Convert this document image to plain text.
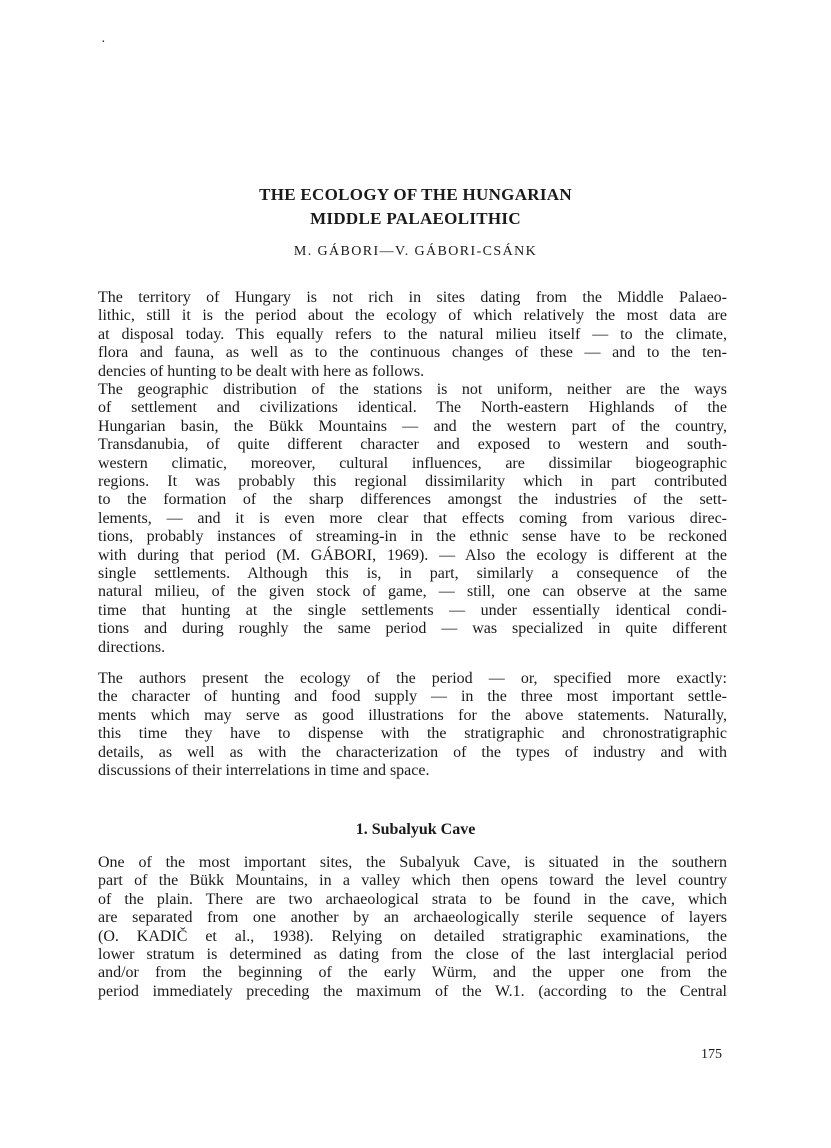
·
THE ECOLOGY OF THE HUNGARIAN
MIDDLE PALAEOLITHIC
M. GÁBORI—V. GÁBORI-CSÁNK
The territory of Hungary is not rich in sites dating from the Middle Palaeo-
lithic, still it is the period about the ecology of which relatively the most data are
at disposal today. This equally refers to the natural milieu itself — to the climate,
flora and fauna, as well as to the continuous changes of these — and to the ten-
dencies of hunting to be dealt with here as follows.
The geographic distribution of the stations is not uniform, neither are the ways
of settlement and civilizations identical. The North-eastern Highlands of the
Hungarian basin, the Bükk Mountains — and the western part of the country,
Transdanubia, of quite different character and exposed to western and south-
western climatic, moreover, cultural influences, are dissimilar biogeographic
regions. It was probably this regional dissimilarity which in part contributed
to the formation of the sharp differences amongst the industries of the sett-
lements, — and it is even more clear that effects coming from various direc-
tions, probably instances of streaming-in in the ethnic sense have to be reckoned
with during that period (M. GÁBORI, 1969). — Also the ecology is different at the
single settlements. Although this is, in part, similarly a consequence of the
natural milieu, of the given stock of game, — still, one can observe at the same
time that hunting at the single settlements — under essentially identical condi-
tions and during roughly the same period — was specialized in quite different
directions.
The authors present the ecology of the period — or, specified more exactly:
the character of hunting and food supply — in the three most important settle-
ments which may serve as good illustrations for the above statements. Naturally,
this time they have to dispense with the stratigraphic and chronostratigraphic
details, as well as with the characterization of the types of industry and with
discussions of their interrelations in time and space.
1. Subalyuk Cave
One of the most important sites, the Subalyuk Cave, is situated in the southern
part of the Bükk Mountains, in a valley which then opens toward the level country
of the plain. There are two archaeological strata to be found in the cave, which
are separated from one another by an archaeologically sterile sequence of layers
(O. KADIČ et al., 1938). Relying on detailed stratigraphic examinations, the
lower stratum is determined as dating from the close of the last interglacial period
and/or from the beginning of the early Würm, and the upper one from the
period immediately preceding the maximum of the W.1. (according to the Central
175
